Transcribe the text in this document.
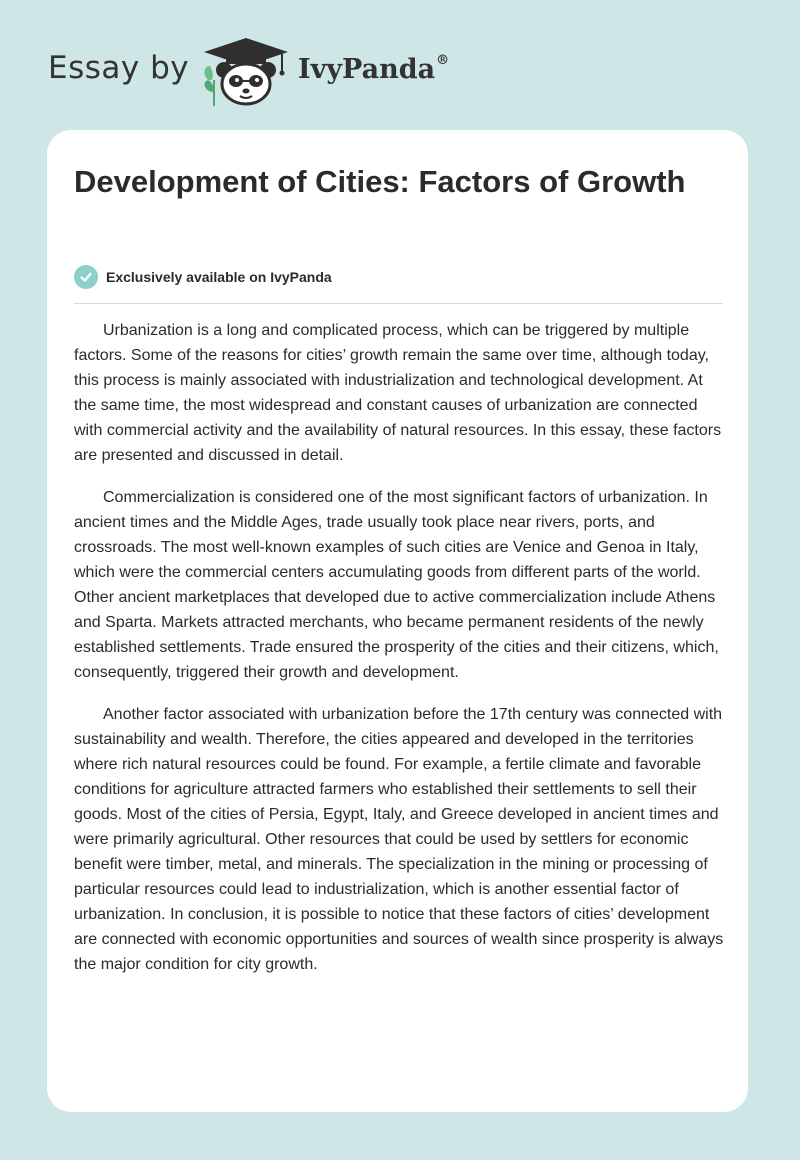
Essay by	IvyPanda®
Development of Cities: Factors of Growth
Exclusively available on IvyPanda

Urbanization is a long and complicated process, which can be triggered by multiple factors. Some of the reasons for cities’ growth remain the same over time, although today, this process is mainly associated with industrialization and technological development. At the same time, the most widespread and constant causes of urbanization are connected with commercial activity and the availability of natural resources. In this essay, these factors are presented and discussed in detail.

Commercialization is considered one of the most significant factors of urbanization. In ancient times and the Middle Ages, trade usually took place near rivers, ports, and crossroads. The most well-known examples of such cities are Venice and Genoa in Italy, which were the commercial centers accumulating goods from different parts of the world. Other ancient marketplaces that developed due to active commercialization include Athens and Sparta. Markets attracted merchants, who became permanent residents of the newly established settlements. Trade ensured the prosperity of the cities and their citizens, which, consequently, triggered their growth and development.

Another factor associated with urbanization before the 17th century was connected with sustainability and wealth. Therefore, the cities appeared and developed in the territories where rich natural resources could be found. For example, a fertile climate and favorable conditions for agriculture attracted farmers who established their settlements to sell their goods. Most of the cities of Persia, Egypt, Italy, and Greece developed in ancient times and were primarily agricultural. Other resources that could be used by settlers for economic benefit were timber, metal, and minerals. The specialization in the mining or processing of particular resources could lead to industrialization, which is another essential factor of urbanization. In conclusion, it is possible to notice that these factors of cities’ development are connected with economic opportunities and sources of wealth since prosperity is always the major condition for city growth.
